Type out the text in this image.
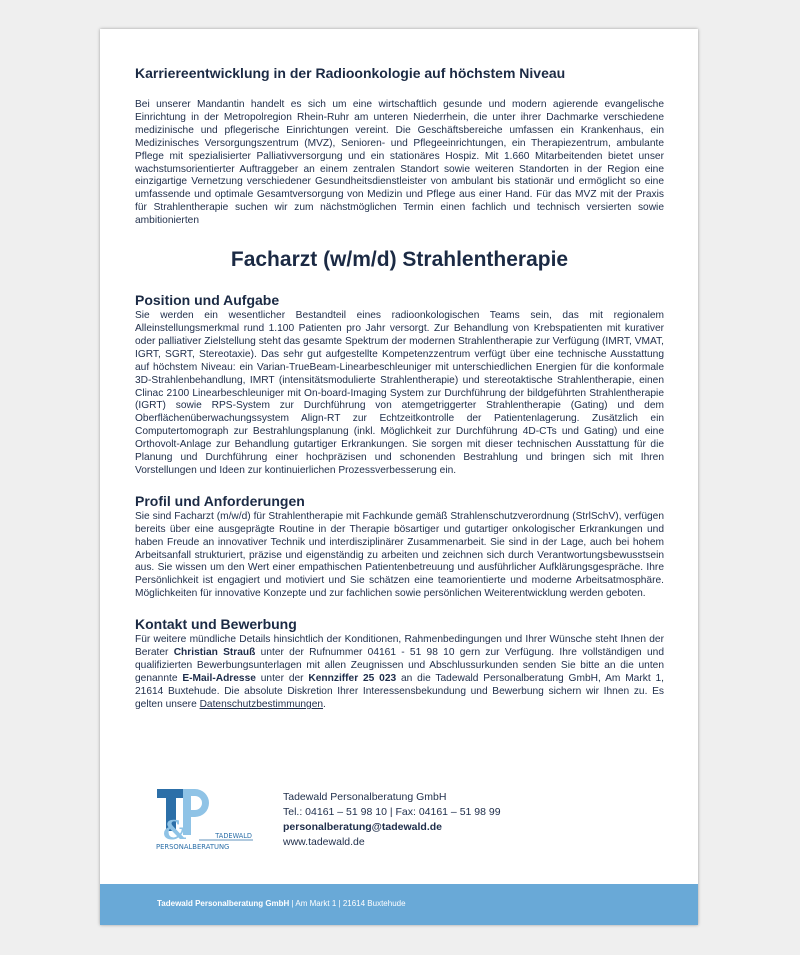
Karriereentwicklung in der Radioonkologie auf höchstem Niveau

Bei unserer Mandantin handelt es sich um eine wirtschaftlich gesunde und modern agierende evangelische Einrichtung in der Metropolregion Rhein-Ruhr am unteren Niederrhein, die unter ihrer Dachmarke verschiedene medizinische und pflegerische Einrichtungen vereint. Die Geschäftsbereiche umfassen ein Krankenhaus, ein Medizinisches Versorgungszentrum (MVZ), Senioren- und Pflegeeinrichtungen, ein Therapiezentrum, ambulante Pflege mit spezialisierter Palliativversorgung und ein stationäres Hospiz. Mit 1.660 Mitarbeitenden bietet unser wachstumsorientierter Auftraggeber an einem zentralen Standort sowie weiteren Standorten in der Region eine einzigartige Vernetzung verschiedener Gesundheitsdienstleister von ambulant bis stationär und ermöglicht so eine umfassende und optimale Gesamtversorgung von Medizin und Pflege aus einer Hand. Für das MVZ mit der Praxis für Strahlentherapie suchen wir zum nächstmöglichen Termin einen fachlich und technisch versierten sowie ambitionierten

Facharzt (w/m/d) Strahlentherapie
Position und Aufgabe

Sie werden ein wesentlicher Bestandteil eines radioonkologischen Teams sein, das mit regionalem Alleinstellungsmerkmal rund 1.100 Patienten pro Jahr versorgt. Zur Behandlung von Krebspatienten mit kurativer oder palliativer Zielstellung steht das gesamte Spektrum der modernen Strahlentherapie zur Verfügung (IMRT, VMAT, IGRT, SGRT, Stereotaxie). Das sehr gut aufgestellte Kompetenzzentrum verfügt über eine technische Ausstattung auf höchstem Niveau: ein Varian-TrueBeam-Linearbeschleuniger mit unterschiedlichen Energien für die konformale 3D-Strahlenbehandlung, IMRT (intensitätsmodulierte Strahlentherapie) und stereotaktische Strahlentherapie, einen Clinac 2100 Linearbeschleuniger mit On-board-Imaging System zur Durchführung der bildgeführten Strahlentherapie (IGRT) sowie RPS-System zur Durchführung von atemgetriggerter Strahlentherapie (Gating) und dem Oberflächenüberwachungssystem Align-RT zur Echtzeitkontrolle der Patientenlagerung. Zusätzlich ein Computertomograph zur Bestrahlungsplanung (inkl. Möglichkeit zur Durchführung 4D-CTs und Gating) und eine Orthovolt-Anlage zur Behandlung gutartiger Erkrankungen. Sie sorgen mit dieser technischen Ausstattung für die Planung und Durchführung einer hochpräzisen und schonenden Bestrahlung und bringen sich mit Ihren Vorstellungen und Ideen zur kontinuierlichen Prozessverbesserung ein.

Profil und Anforderungen

Sie sind Facharzt (m/w/d) für Strahlentherapie mit Fachkunde gemäß Strahlenschutzverordnung (StrlSchV), verfügen bereits über eine ausgeprägte Routine in der Therapie bösartiger und gutartiger onkologischer Erkrankungen und haben Freude an innovativer Technik und interdisziplinärer Zusammenarbeit. Sie sind in der Lage, auch bei hohem Arbeitsanfall strukturiert, präzise und eigenständig zu arbeiten und zeichnen sich durch Verantwortungsbewusstsein aus. Sie wissen um den Wert einer empathischen Patientenbetreuung und ausführlicher Aufklärungsgespräche. Ihre Persönlichkeit ist engagiert und motiviert und Sie schätzen eine teamorientierte und moderne Arbeitsatmosphäre. Möglichkeiten für innovative Konzepte und zur fachlichen sowie persönlichen Weiterentwicklung werden geboten.

Kontakt und Bewerbung

Für weitere mündliche Details hinsichtlich der Konditionen, Rahmenbedingungen und Ihrer Wünsche steht Ihnen der Berater Christian Strauß unter der Rufnummer 04161 - 51 98 10 gern zur Verfügung. Ihre vollständigen und qualifizierten Bewerbungsunterlagen mit allen Zeugnissen und Abschlussurkunden senden Sie bitte an die unten genannte E-Mail-Adresse unter der Kennziffer 25 023 an die Tadewald Personalberatung GmbH, Am Markt 1, 21614 Buxtehude. Die absolute Diskretion Ihrer Interessensbekundung und Bewerbung sichern wir Ihnen zu. Es gelten unsere Datenschutzbestimmungen.

&	TADEWALD
PERSONALBERATUNG
Tadewald Personalberatung GmbH
Tel.: 04161 – 51 98 10 | Fax: 04161 – 51 98 99
personalberatung@tadewald.de
www.tadewald.de
Tadewald Personalberatung GmbH | Am Markt 1 | 21614 Buxtehude
